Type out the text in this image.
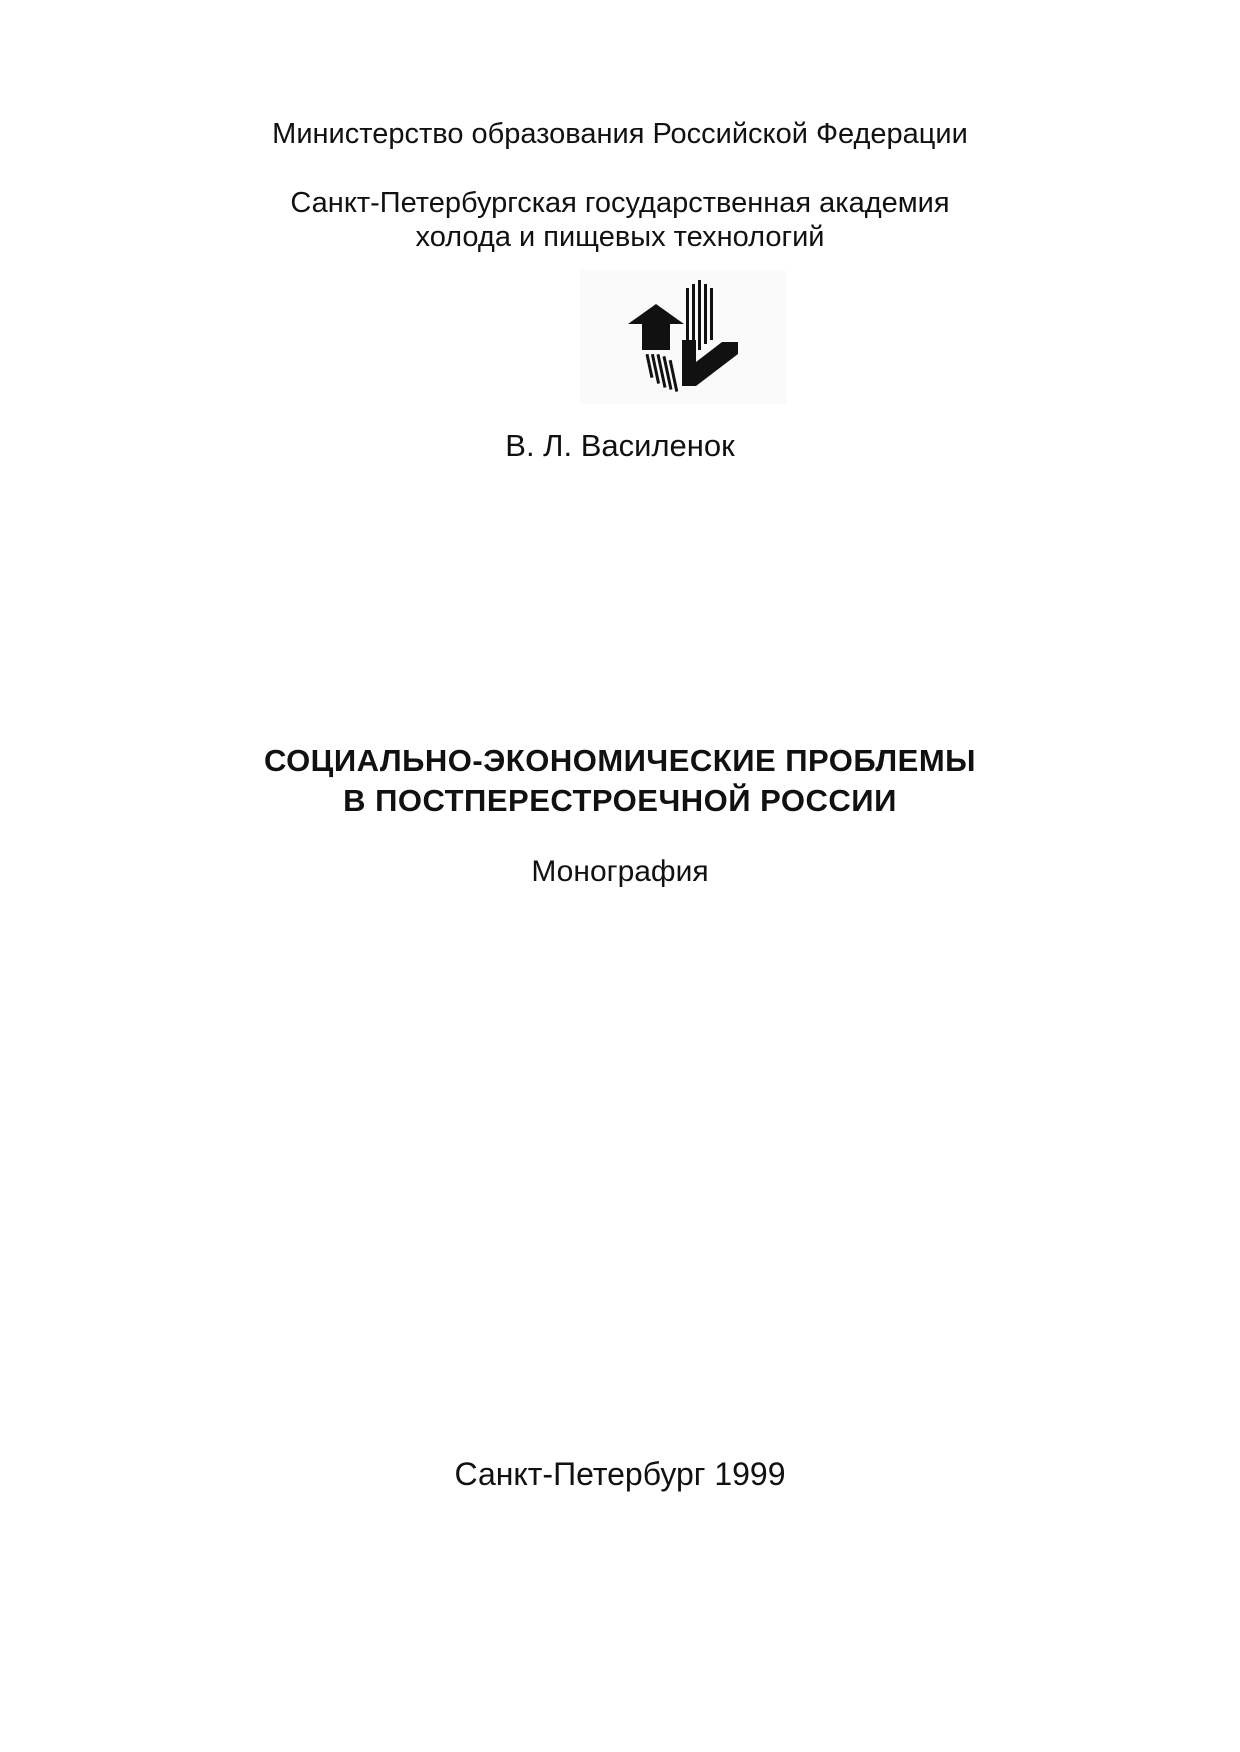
Министерство образования Российской Федерации
Санкт-Петербургская государственная академия
холода и пищевых технологий
В. Л. Василенок
СОЦИАЛЬНО-ЭКОНОМИЧЕСКИЕ ПРОБЛЕМЫ
В ПОСТПЕРЕСТРОЕЧНОЙ РОССИИ
Монография
Санкт-Петербург 1999
